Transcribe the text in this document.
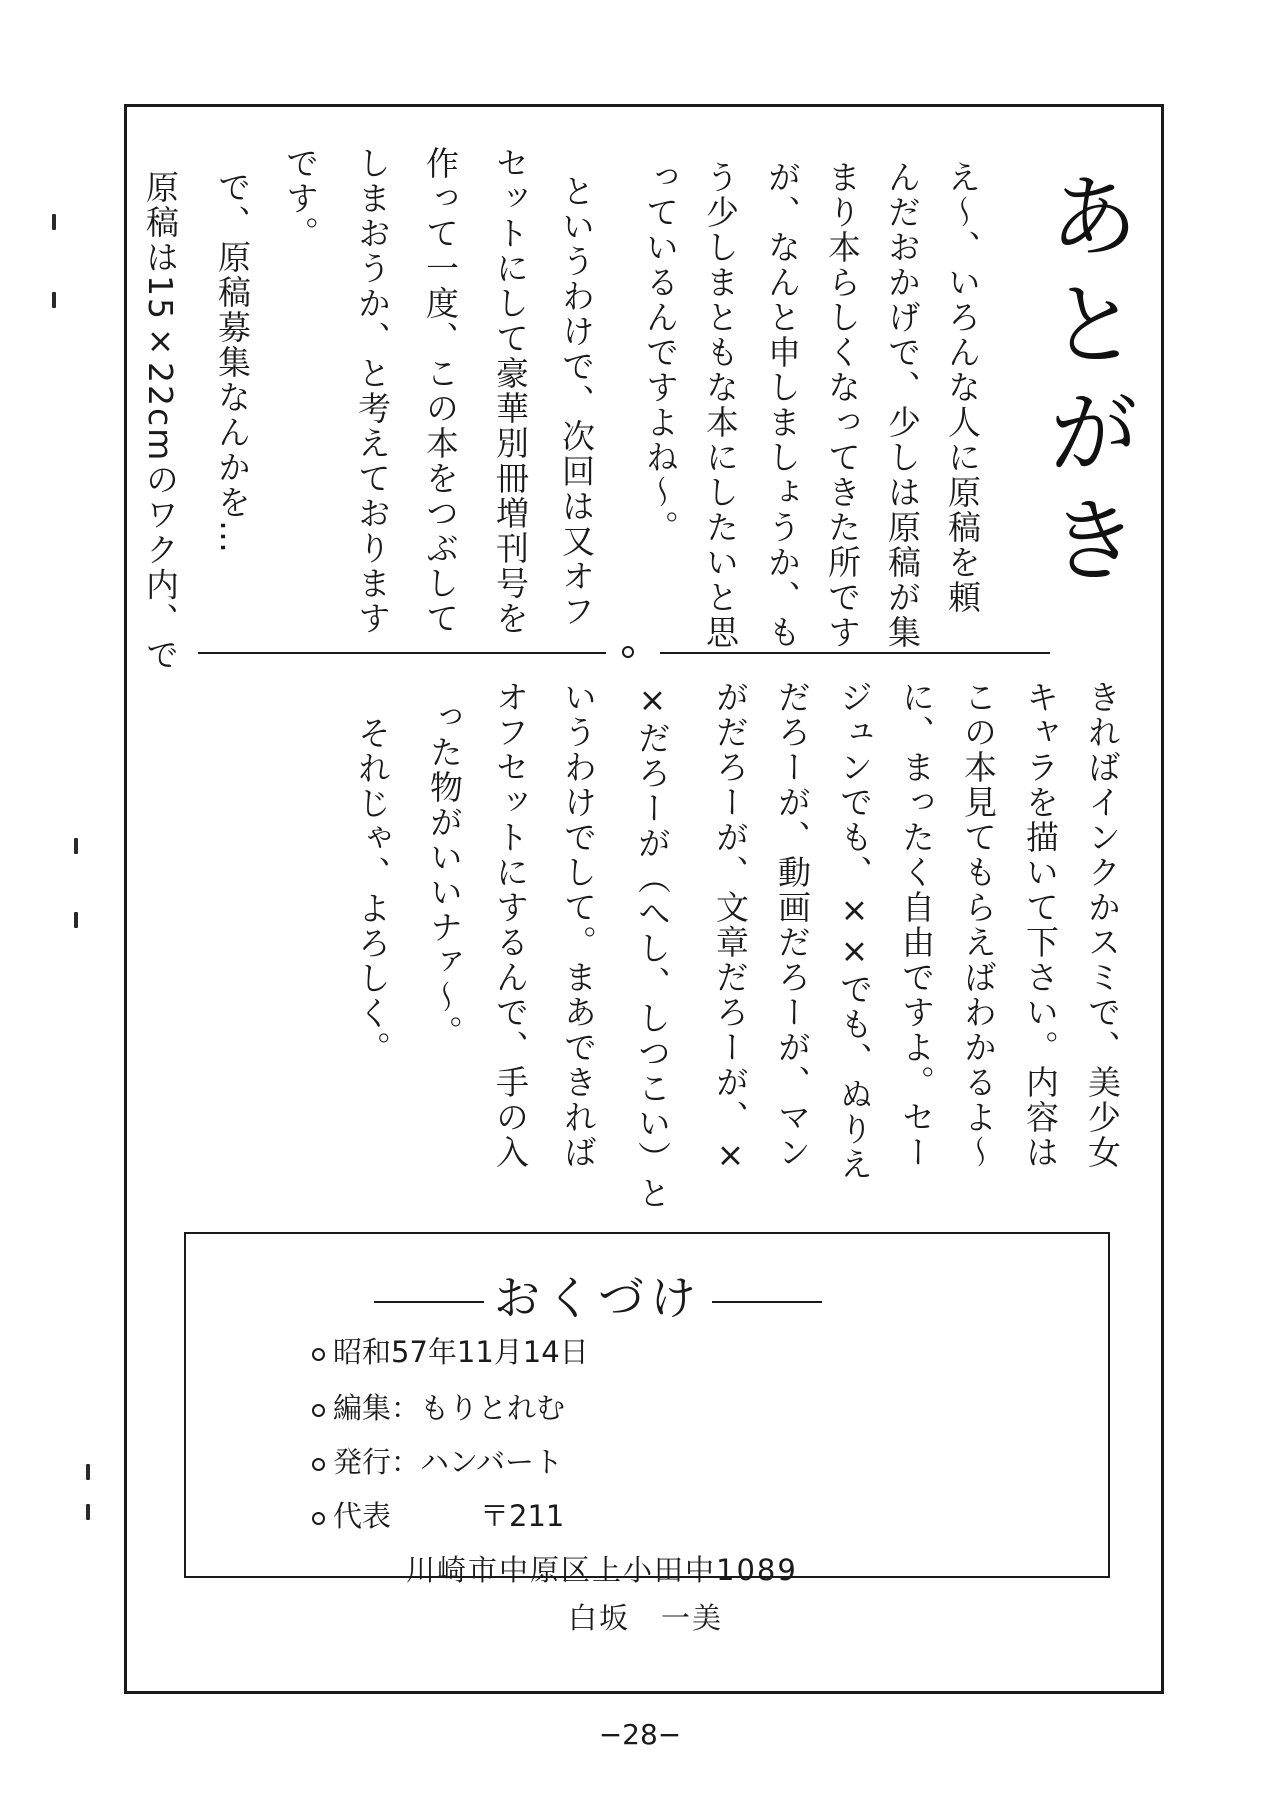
あとがき
え〜、いろんな人に原稿を頼
んだおかげで、少しは原稿が集
まり本らしくなってきた所です
が、なんと申しましょうか、も
う少しまともな本にしたいと思
っているんですよね〜。
というわけで、次回は又オフ
セットにして豪華別冊増刊号を
作って一度、この本をつぶして
しまおうか、と考えております
です。
で、原稿募集なんかを…
原稿は15×22cmのワク内、で
きればインクかスミで、美少女
キャラを描いて下さい。内容は
この本見てもらえばわかるよ〜
に、まったく自由ですよ。セー
ジュンでも、××でも、ぬりえ
だろーが、動画だろーが、マン
がだろーが、文章だろーが、×
×だろーが（へし、しつこい）と
いうわけでして。まあできれば
オフセットにするんで、手の入
った物がいいナァ〜。
それじゃ、よろしく。
おくづけ
昭和57年11月14日
編集：もりとれむ
発行：ハンバート
代表	〒211
川崎市中原区上小田中1089
白坂　一美
−28−
